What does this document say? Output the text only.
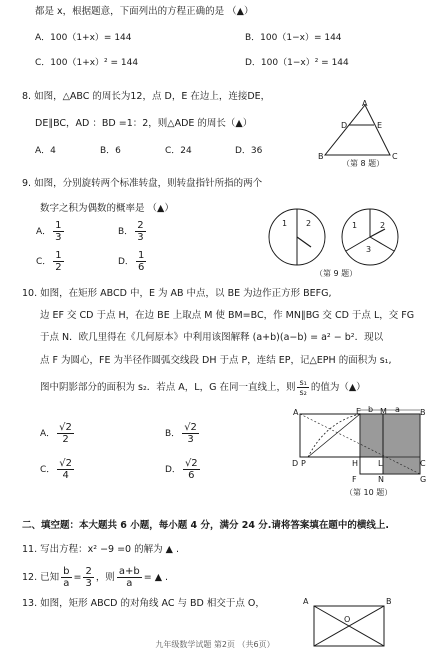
都是 x，根据题意，下面列出的方程正确的是 （▲）
A．100（1+x）= 144	B．100（1−x）= 144
C．100（1+x）² = 144	D．100（1−x）² = 144
8. 如图，△ABC 的周长为12，点 D，E 在边上，连接DE，
DE∥BC，AD ：BD =1：2，则△ADE 的周长（▲）
A．4	B．6	C．24	D．36
A
D	E
B	C
（第 8 题）
9. 如图，分别旋转两个标准转盘，则转盘指针所指的两个
数字之积为偶数的概率是 （▲）
A． $\frac{1}{3}$	B． $\frac{2}{3}$
C． $\frac{1}{2}$	D． $\frac{1}{6}$
1 2	1	2
3
（第 9 题）
10. 如图，在矩形 ABCD 中，E 为 AB 中点，以 BE 为边作正方形 BEFG,
边 EF 交 CD 于点 H，在边 BE 上取点 M 使 BM=BC，作 MN∥BG 交 CD 于点 L，交 FG
于点 N．欧几里得在《几何原本》中利用该图解释 (a+b)(a−b) = a² − b²．现以
点 F 为圆心，FE 为半径作圆弧交线段 DH 于点 P，连结 EP，记△EPH 的面积为 s₁,
图中阴影部分的面积为 s₂．若点 A，L，G 在同一直线上，则 $\frac{\text{s₁}}{\text{s₂}}$ 的值为（▲）
A． $\frac{√2}{2}$	B． $\frac{√2}{3}$
C． $\frac{√2}{4}$	D． $\frac{√2}{6}$
A	E M	B
b	a
D P	H L	C
F	N	G
（第 10 题）
二、填空题：本大题共 6 小题，每小题 4 分，满分 24 分.请将答案填在题中的横线上.
11. 写出方程：x² −9 =0 的解为 ▲ .
12. 已知 $\frac{b}{a} = \frac{2}{3}$ ，则 $\frac{a+b}{a}$ = ▲ .
13. 如图，矩形 ABCD 的对角线 AC 与 BD 相交于点 O，	A	B
O
九年级数学试题 第2页 （共6页）
